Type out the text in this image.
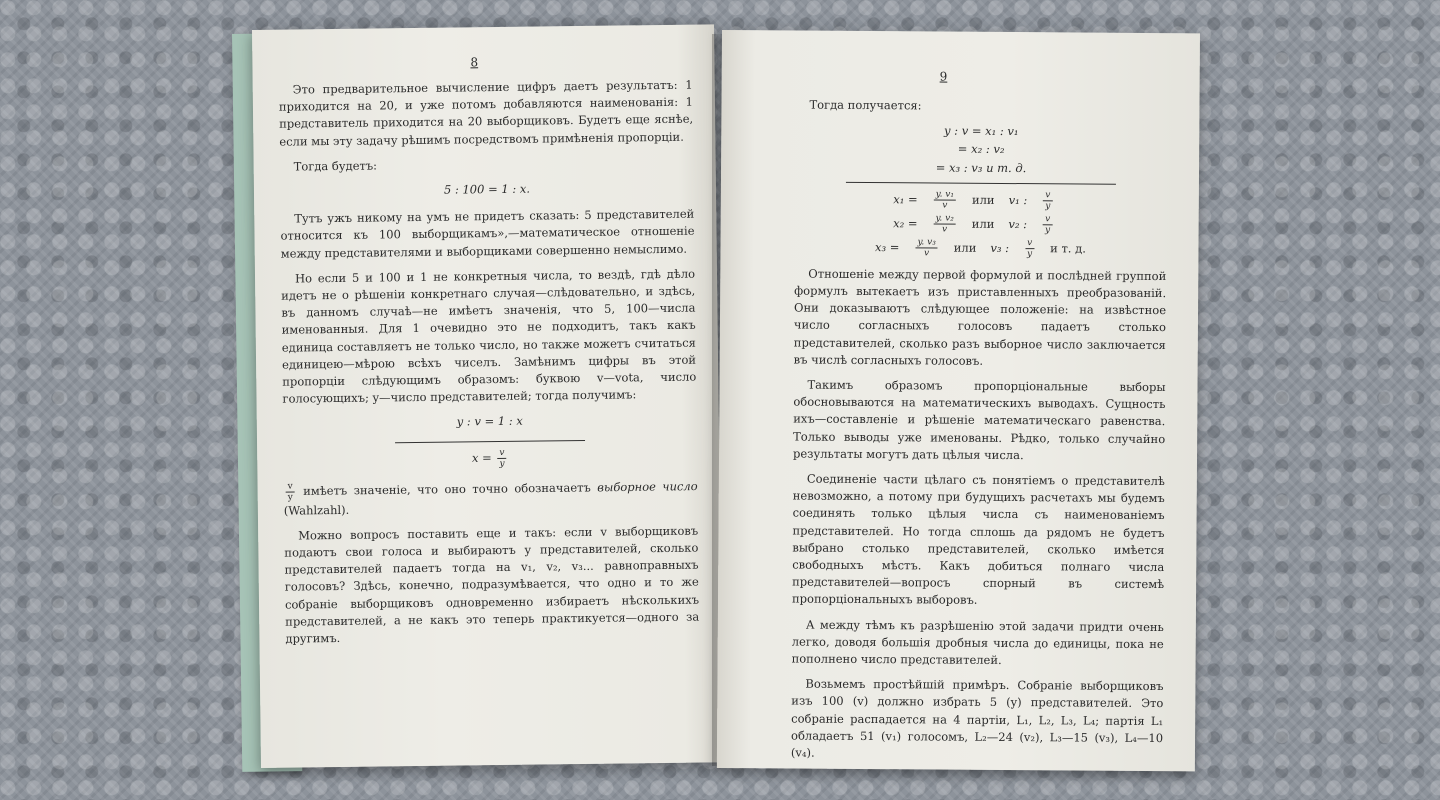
8

Это предварительное вычисление цифръ даетъ результатъ: 1 приходится на 20, и уже потомъ добавляются наименованія: 1 представитель приходится на 20 выборщиковъ. Будетъ еще яснѣе, если мы эту задачу рѣшимъ посредствомъ примѣненія пропорціи.

Тогда будетъ:

5 : 100 = 1 : x.

Тутъ ужъ никому на умъ не придетъ сказать: 5 представителей относится къ 100 выборщикамъ»,—математическое отношеніе между представителями и выборщиками совершенно немыслимо.

Но если 5 и 100 и 1 не конкретныя числа, то вездѣ, гдѣ дѣло идетъ не о рѣшеніи конкретнаго случая—слѣдовательно, и здѣсь, въ данномъ случаѣ—не имѣетъ значенія, что 5, 100—числа именованныя. Для 1 очевидно это не подходитъ, такъ какъ единица составляетъ не только число, но также можетъ считаться единицею—мѣрою всѣхъ чиселъ. Замѣнимъ цифры въ этой пропорціи слѣдующимъ образомъ: буквою v—vota, число голосующихъ; y—число представителей; тогда получимъ:

y : v = 1 : x
$x = \frac{v}{y}$

$\frac{v}{y}$ имѣетъ значеніе, что оно точно обозначаетъ выборное число (Wahlzahl).

Можно вопросъ поставить еще и такъ: если v выборщиковъ подаютъ свои голоса и выбираютъ y представителей, сколько представителей падаетъ тогда на v₁, v₂, v₃... равноправныхъ голосовъ? Здѣсь, конечно, подразумѣвается, что одно и то же собраніе выборщиковъ одновременно избираетъ нѣсколькихъ представителей, а не какъ это теперь практикуется—одного за другимъ.

9

Тогда получается:

y : v = x₁ : v₁
= x₂ : v₂
= x₃ : v₃ и т. д.
$x_1 = \frac{\text{y. v₁}}{v}$ или v₁ : $\frac{v}{y}$
$x_2 = \frac{\text{y. v₂}}{v}$ или v₂ : $\frac{v}{y}$
$x_3 = \frac{\text{y. v₃}}{v}$ или v₃ : $\frac{v}{y}$ и т. д.

Отношеніе между первой формулой и послѣдней группой формулъ вытекаетъ изъ приставленныхъ преобразованій. Они доказываютъ слѣдующее положеніе: на извѣстное число согласныхъ голосовъ падаетъ столько представителей, сколько разъ выборное число заключается въ числѣ согласныхъ голосовъ.

Такимъ образомъ пропорціональные выборы обосновываются на математическихъ выводахъ. Сущность ихъ—составленіе и рѣшеніе математическаго равенства. Только выводы уже именованы. Рѣдко, только случайно результаты могутъ дать цѣлыя числа.

Соединеніе части цѣлаго съ понятіемъ о представителѣ невозможно, а потому при будущихъ расчетахъ мы будемъ соединять только цѣлыя числа съ наименованіемъ представителей. Но тогда сплошь да рядомъ не будетъ выбрано столько представителей, сколько имѣется свободныхъ мѣстъ. Какъ добиться полнаго числа представителей—вопросъ спорный въ системѣ пропорціональныхъ выборовъ.

А между тѣмъ къ разрѣшенію этой задачи придти очень легко, доводя большія дробныя числа до единицы, пока не пополнено число представителей.

Возьмемъ простѣйшій примѣръ. Собраніе выборщиковъ изъ 100 (v) должно избрать 5 (y) представителей. Это собраніе распадается на 4 партіи, L₁, L₂, L₃, L₄; партія L₁ обладаетъ 51 (v₁) голосомъ, L₂—24 (v₂), L₃—15 (v₃), L₄—10 (v₄).
